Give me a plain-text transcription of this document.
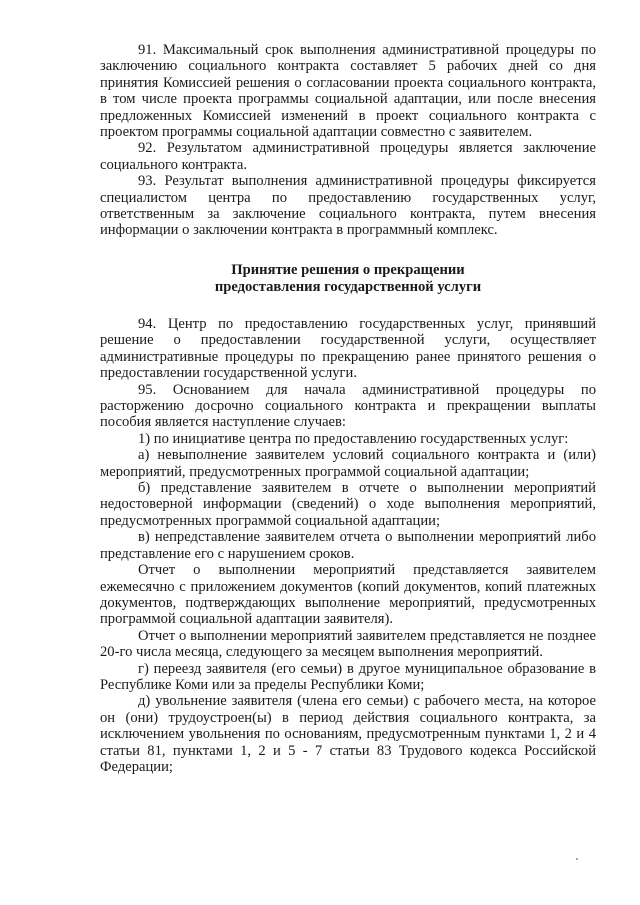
91. Максимальный срок выполнения административной процедуры по заключению социального контракта составляет 5 рабочих дней со дня принятия Комиссией решения о согласовании проекта социального контракта, в том числе проекта программы социальной адаптации, или после внесения предложенных Комиссией изменений в проект социального контракта с проектом программы социальной адаптации совместно с заявителем.

92. Результатом административной процедуры является заключение социального контракта.

93. Результат выполнения административной процедуры фиксируется специалистом центра по предоставлению государственных услуг, ответственным за заключение социального контракта, путем внесения информации о заключении контракта в программный комплекс.

Принятие решения о прекращении
предоставления государственной услуги

94. Центр по предоставлению государственных услуг, принявший решение о предоставлении государственной услуги, осуществляет административные процедуры по прекращению ранее принятого решения о предоставлении государственной услуги.

95. Основанием для начала административной процедуры по расторжению досрочно социального контракта и прекращении выплаты пособия является наступление случаев:

1) по инициативе центра по предоставлению государственных услуг:

а) невыполнение заявителем условий социального контракта и (или) мероприятий, предусмотренных программой социальной адаптации;

б) представление заявителем в отчете о выполнении мероприятий недостоверной информации (сведений) о ходе выполнения мероприятий, предусмотренных программой социальной адаптации;

в) непредставление заявителем отчета о выполнении мероприятий либо представление его с нарушением сроков.

Отчет о выполнении мероприятий представляется заявителем ежемесячно с приложением документов (копий документов, копий платежных документов, подтверждающих выполнение мероприятий, предусмотренных программой социальной адаптации заявителя).

Отчет о выполнении мероприятий заявителем представляется не позднее 20-го числа месяца, следующего за месяцем выполнения мероприятий.

г) переезд заявителя (его семьи) в другое муниципальное образование в Республике Коми или за пределы Республики Коми;

д) увольнение заявителя (члена его семьи) с рабочего места, на которое он (они) трудоустроен(ы) в период действия социального контракта, за исключением увольнения по основаниям, предусмотренным пунктами 1, 2 и 4 статьи 81, пунктами 1, 2 и 5 - 7 статьи 83 Трудового кодекса Российской Федерации;
